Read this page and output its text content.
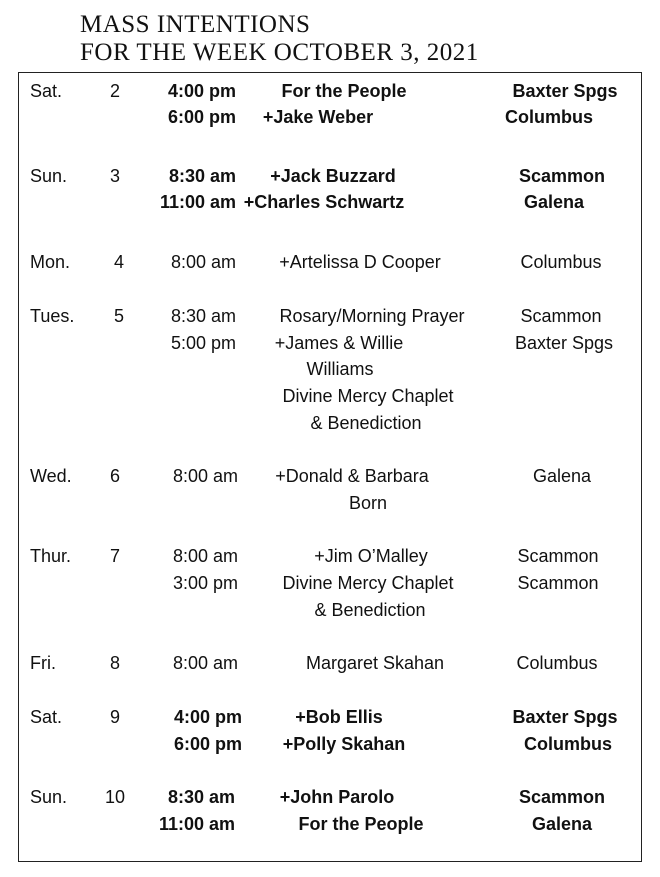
MASS INTENTIONS
FOR THE WEEK OCTOBER 3, 2021
Sat.	2	4:00 pm	For the People	Baxter Spgs
6:00 pm	+Jake Weber	Columbus
Sun.	3	8:30 am	+Jack Buzzard	Scammon
11:00 am +Charles Schwartz	Galena
Mon.	4	8:00 am	+Artelissa D Cooper	Columbus
Tues.	5	8:30 am	Rosary/Morning Prayer	Scammon
5:00 pm	+James & Willie	Baxter Spgs
Williams
Divine Mercy Chaplet
& Benediction
Wed.	6	8:00 am	+Donald & Barbara	Galena
Born
Thur.	7	8:00 am	+Jim O’Malley	Scammon
3:00 pm	Divine Mercy Chaplet	Scammon
& Benediction
Fri.	8	8:00 am	Margaret Skahan	Columbus
Sat.	9	4:00 pm	+Bob Ellis	Baxter Spgs
6:00 pm	+Polly Skahan	Columbus
Sun.	10	8:30 am	+John Parolo	Scammon
11:00 am	For the People	Galena
